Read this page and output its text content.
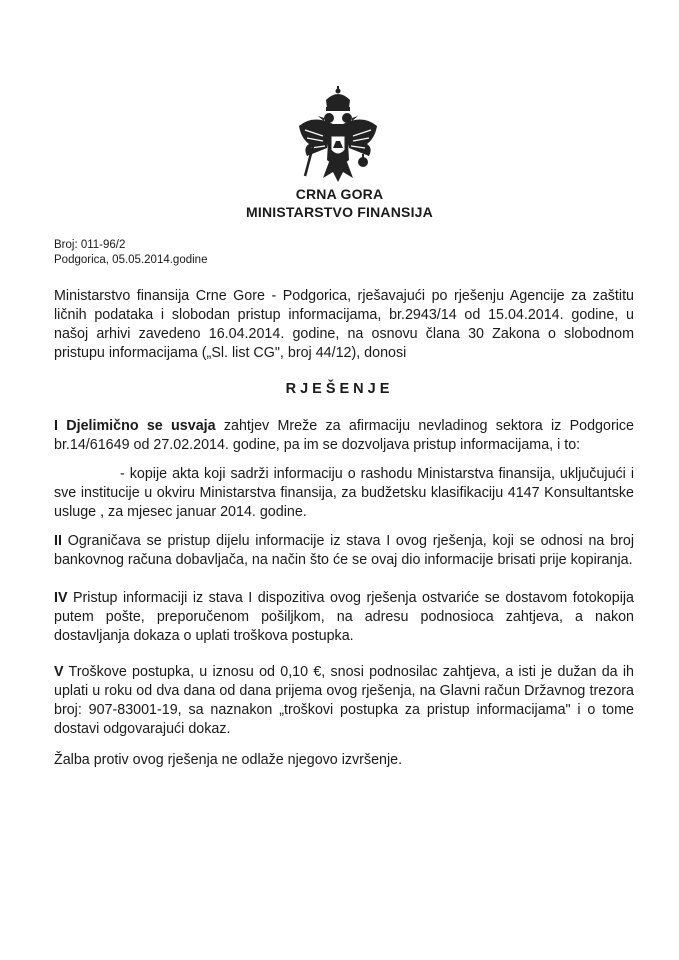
CRNA GORA
MINISTARSTVO FINANSIJA
Broj: 011-96/2
Podgorica, 05.05.2014.godine
Ministarstvo finansija Crne Gore - Podgorica, rješavajući po rješenju Agencije za zaštitu ličnih podataka i slobodan pristup informacijama, br.2943/14 od 15.04.2014. godine, u našoj arhivi zavedeno 16.04.2014. godine, na osnovu člana 30 Zakona o slobodnom pristupu informacijama („Sl. list CG", broj 44/12), donosi
RJEŠENJE
I Djelimično se usvaja zahtjev Mreže za afirmaciju nevladinog sektora iz Podgorice br.14/61649 od 27.02.2014. godine, pa im se dozvoljava pristup informacijama, i to:
- kopije akta koji sadrži informaciju o rashodu Ministarstva finansija, uključujući i sve institucije u okviru Ministarstva finansija, za budžetsku klasifikaciju 4147 Konsultantske usluge , za mjesec januar 2014. godine.
II Ograničava se pristup dijelu informacije iz stava I ovog rješenja, koji se odnosi na broj bankovnog računa dobavljača, na način što će se ovaj dio informacije brisati prije kopiranja.
IV Pristup informaciji iz stava I dispozitiva ovog rješenja ostvariće se dostavom fotokopija putem pošte, preporučenom pošiljkom, na adresu podnosioca zahtjeva, a nakon dostavljanja dokaza o uplati troškova postupka.
V Troškove postupka, u iznosu od 0,10 €, snosi podnosilac zahtjeva, a isti je dužan da ih uplati u roku od dva dana od dana prijema ovog rješenja, na Glavni račun Državnog trezora broj: 907-83001-19, sa naznakon „troškovi postupka za pristup informacijama" i o tome dostavi odgovarajući dokaz.
Žalba protiv ovog rješenja ne odlaže njegovo izvršenje.
